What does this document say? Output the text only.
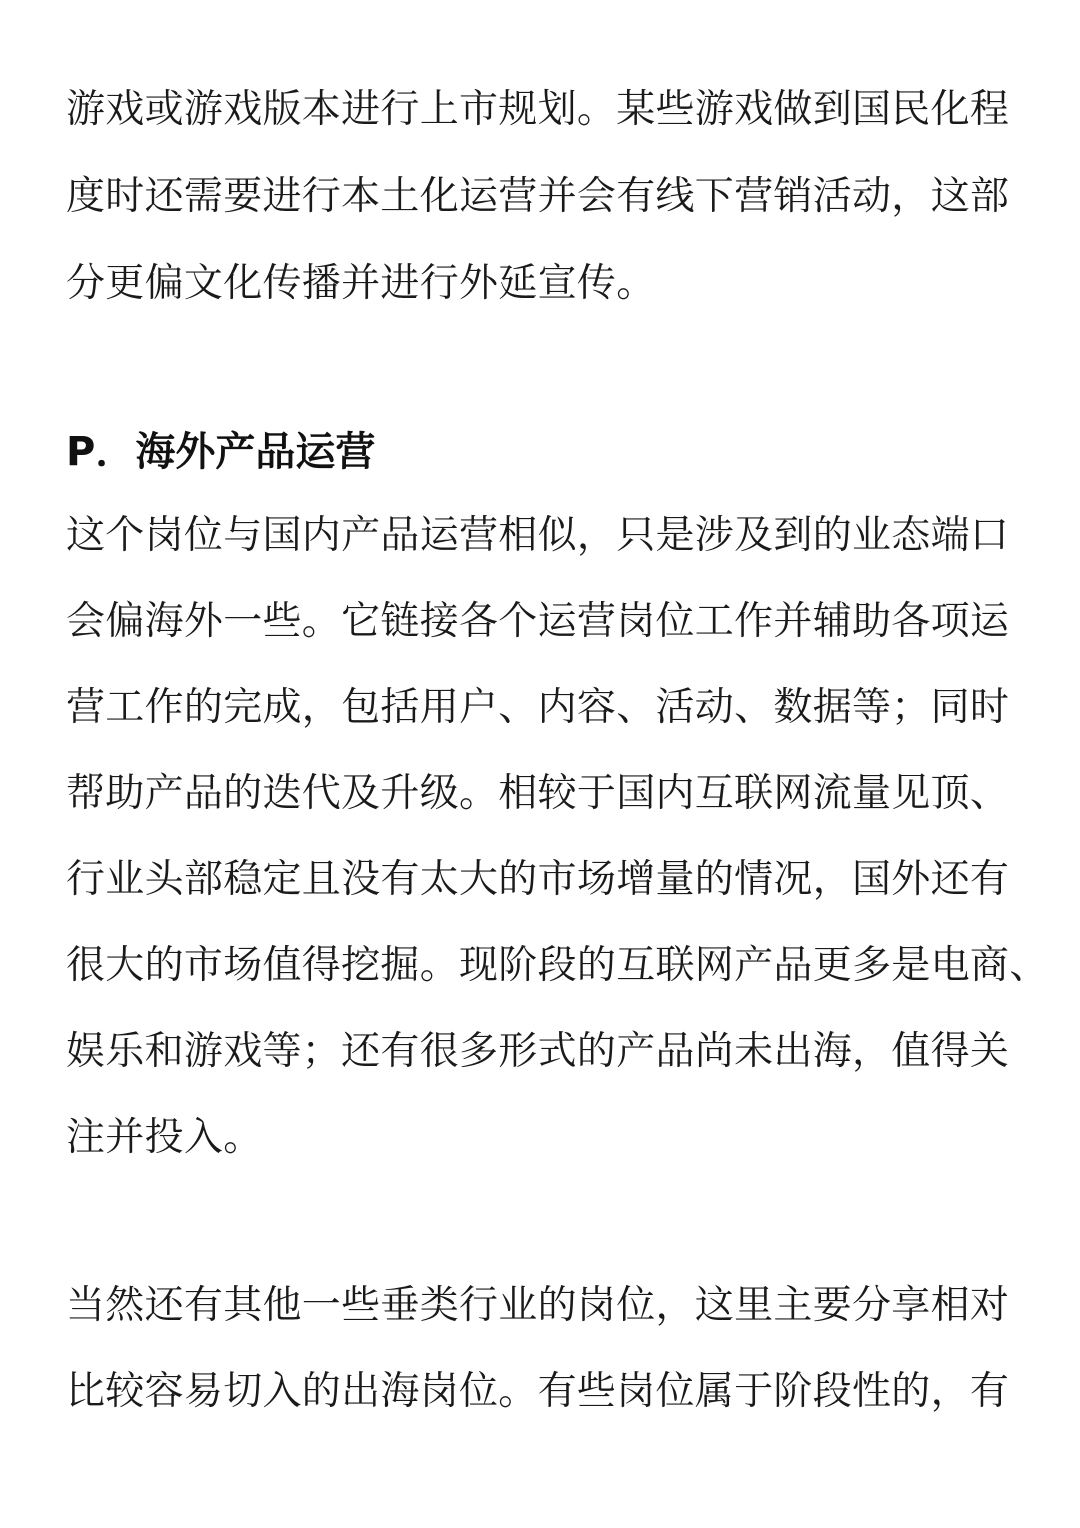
游戏或游戏版本进行上市规划。某些游戏做到国民化程
度时还需要进行本土化运营并会有线下营销活动，这部
分更偏文化传播并进行外延宣传。
P．海外产品运营
这个岗位与国内产品运营相似，只是涉及到的业态端口
会偏海外一些。它链接各个运营岗位工作并辅助各项运
营工作的完成，包括用户、内容、活动、数据等；同时
帮助产品的迭代及升级。相较于国内互联网流量见顶、
行业头部稳定且没有太大的市场增量的情况，国外还有
很大的市场值得挖掘。现阶段的互联网产品更多是电商、
娱乐和游戏等；还有很多形式的产品尚未出海，值得关
注并投入。
当然还有其他一些垂类行业的岗位，这里主要分享相对
比较容易切入的出海岗位。有些岗位属于阶段性的，有
